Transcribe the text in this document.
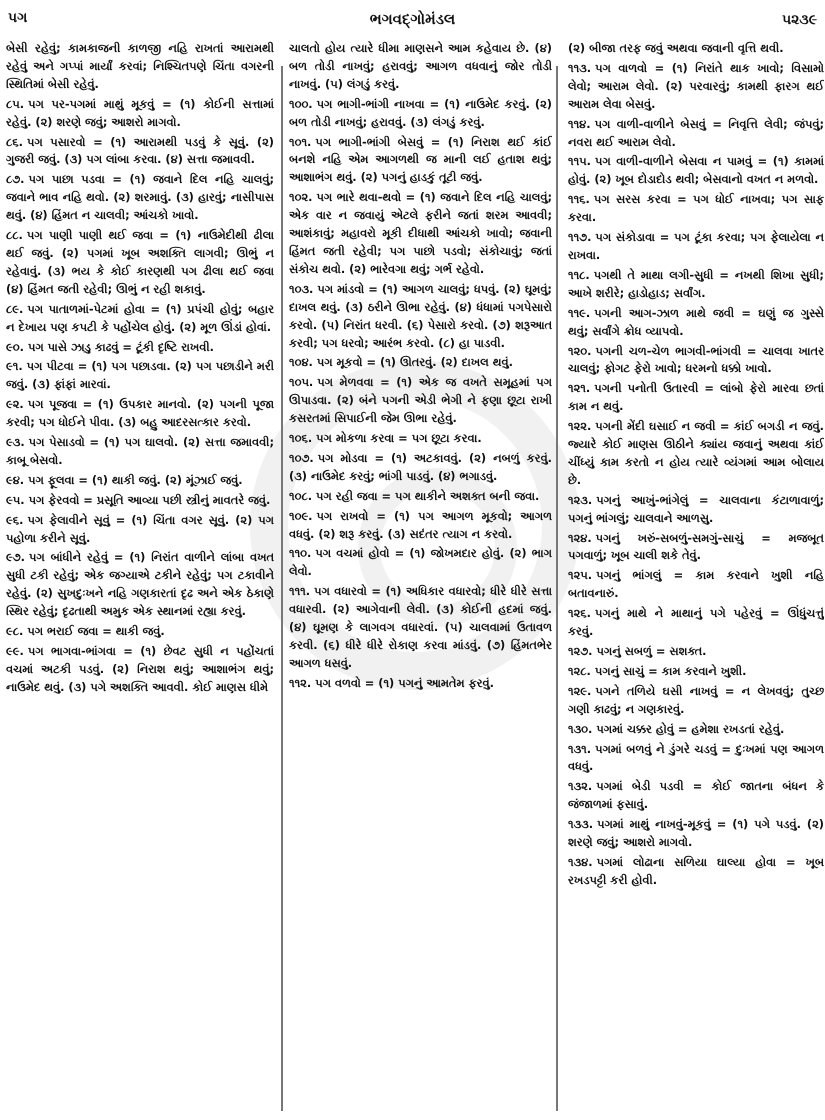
પગ	ભગવદ્ગોમંડલ	૫૨૩૯

બેસી રહેવું; કામકાજની કાળજી નહિ રાખતાં આરામથી રહેવું અને ગપ્પાં માર્યાં કરવાં; નિશ્ચિતપણે ચિંતા વગરની સ્થિતિમાં બેસી રહેવું.

૮૫. પગ પર-પગમાં માથું મૂકવું = (૧) કોઈની સત્તામાં રહેવું. (૨) શરણે જવું; આશરો માગવો.

૮૬. પગ પસારવો = (૧) આરામથી પડવું કે સૂવું. (૨) ગુજરી જવું. (૩) પગ લાંબા કરવા. (૪) સત્તા જમાવવી.

૮૭. પગ પાછા પડવા = (૧) જવાને દિલ નહિ ચાલવું; જવાને ભાવ નહિ થવો. (૨) શરમાવું. (૩) હારવું; નાસીપાસ થવું. (૪) હિંમત ન ચાલવી; આંચકો ખાવો.

૮૮. પગ પાણી પાણી થઈ જવા = (૧) નાઉમેદીથી ઢીલા થઈ જવું. (૨) પગમાં ખૂબ અશક્તિ લાગવી; ઊભું ન રહેવાવું. (૩) ભય કે કોઈ કારણથી પગ ઢીલા થઈ જવા (૪) હિંમત જતી રહેવી; ઊભું ન રહી શકાવું.

૮૯. પગ પાતાળમાં-પેટમાં હોવા = (૧) પ્રપંચી હોવું; બહાર ન દેખાય પણ કપટી કે પહોંચેલ હોવું. (૨) મૂળ ઊંડાં હોવાં.

૯૦. પગ પાસે ઝાડુ કાઢવું = ટૂંકી દૃષ્ટિ રાખવી.

૯૧. પગ પીટવા = (૧) પગ પછાડવા. (૨) પગ પછાડીને મરી જવું. (૩) ફાંફાં મારવાં.

૯૨. પગ પૂજવા = (૧) ઉપકાર માનવો. (૨) પગની પૂજા કરવી; પગ ધોઈને પીવા. (૩) બહુ આદરસત્કાર કરવો.

૯૩. પગ પેસાડવો = (૧) પગ ઘાલવો. (૨) સત્તા જમાવવી; કાબૂ બેસવો.

૯૪. પગ ફૂલવા = (૧) થાકી જવું. (૨) મૂંઝાઈ જવું.

૯૫. પગ ફેરવવો = પ્રસૂતિ આવ્યા પછી સ્ત્રીનું માવતરે જવું.

૯૬. પગ ફેલાવીને સૂવું = (૧) ચિંતા વગર સૂવું. (૨) પગ પહોળા કરીને સૂવું.

૯૭. પગ બાંધીને રહેવું = (૧) નિરાંત વાળીને લાંબા વખત સુધી ટકી રહેવું; એક જગ્યાએ ટકીને રહેવું; પગ ટકાવીને રહેવું. (૨) સુખદુઃખને નહિ ગણકારતાં દૃઢ અને એક ઠેકાણે સ્થિર રહેવું; દૃઢતાથી અમુક એક સ્થાનમાં રહ્યા કરવું.

૯૮. પગ ભરાઈ જવા = થાકી જવું.

૯૯. પગ ભાગવા-ભાંગવા = (૧) છેવટ સુધી ન પહોંચતાં વચમાં અટકી પડવું. (૨) નિરાશ થવું; આશાભંગ થવું; નાઉમેદ થવું. (૩) પગે અશક્તિ આવવી. કોઈ માણસ ધીમે

ચાલતો હોય ત્યારે ધીમા માણસને આમ કહેવાય છે. (૪) બળ તોડી નાખવું; હરાવવું; આગળ વધવાનું જોર તોડી નાખવું. (૫) લંગડું કરવું.

૧૦૦. પગ ભાગી-ભાંગી નાખવા = (૧) નાઉમેદ કરવું. (૨) બળ તોડી નાખવું; હરાવવું. (૩) લંગડું કરવું.

૧૦૧. પગ ભાગી-ભાંગી બેસવું = (૧) નિરાશ થઈ કાંઈ બનશે નહિ એમ આગળથી જ માની લઈ હતાશ થવું; આશાભંગ થવું. (૨) પગનું હાડકું તૂટી જવું.

૧૦૨. પગ ભારે થવા-થવો = (૧) જવાને દિલ નહિ ચાલવું; એક વાર ન જવાયું એટલે ફરીને જતાં શરમ આવવી; આશંકાવું; મહાવરો મૂકી દીધાથી આંચકો ખાવો; જવાની હિંમત જતી રહેવી; પગ પાછો પડવો; સંકોચાવું; જતાં સંકોચ થવો. (૨) ભારેવગા થવું; ગર્ભ રહેવો.

૧૦૩. પગ માંડવો = (૧) આગળ ચાલવું; ધપવું. (૨) ઘૂમવું; દાખલ થવું. (૩) ઠરીને ઊભા રહેવું. (૪) ધંધામાં પગપેસારો કરવો. (૫) નિરાંત ધરવી. (૬) પેસારો કરવો. (૭) શરૂઆત કરવી; પગ ધરવો; આરંભ કરવો. (૮) હા પાડવી.

૧૦૪. પગ મૂકવો = (૧) ઊતરવું. (૨) દાખલ થવું.

૧૦૫. પગ મેળવવા = (૧) એક જ વખતે સમૂહમાં પગ ઊપાડવા. (૨) બંને પગની એડી ભેગી ને ફણા છૂટા રાખી કસરતમાં સિપાઈની જેમ ઊભા રહેવું.

૧૦૬. પગ મોકળા કરવા = પગ છૂટા કરવા.

૧૦૭. પગ મોડવા = (૧) અટકાવવું. (૨) નબળું કરવું. (૩) નાઉમેદ કરવું; ભાંગી પાડવું. (૪) ભગાડવું.

૧૦૮. પગ રહી જવા = પગ થાકીને અશક્ત બની જવા.

૧૦૯. પગ રાખવો = (૧) પગ આગળ મૂકવો; આગળ વધવું. (૨) શરૂ કરવું. (૩) સદંતર ત્યાગ ન કરવો.

૧૧૦. પગ વચમાં હોવો = (૧) જોખમદાર હોવું. (૨) ભાગ લેવો.

૧૧૧. પગ વધારવો = (૧) અધિકાર વધારવો; ધીરે ધીરે સત્તા વધારવી. (૨) આગેવાની લેવી. (૩) કોઈની હદમાં જવું. (૪) ઘૂમણ કે લાગવગ વધારવાં. (૫) ચાલવામાં ઉતાવળ કરવી. (૬) ધીરે ધીરે રોકાણ કરવા માંડવું. (૭) હિંમતભેર આગળ ધસવું.

૧૧૨. પગ વળવો = (૧) પગનું આમતેમ ફરવું.

(૨) બીજા તરફ જવું અથવા જવાની વૃત્તિ થવી.

૧૧૩. પગ વાળવો = (૧) નિરાંતે થાક ખાવો; વિસામો લેવો; આરામ લેવો. (૨) પરવારવું; કામથી ફારગ થઈ આરામ લેવા બેસવું.

૧૧૪. પગ વાળી-વાળીને બેસવું = નિવૃત્તિ લેવી; જંપવું; નવરા થઈ આરામ લેવો.

૧૧૫. પગ વાળી-વાળીને બેસવા ન પામવું = (૧) કામમાં હોવું. (૨) ખૂબ દોડાદોડ થવી; બેસવાનો વખત ન મળવો.

૧૧૬. પગ સરસ કરવા = પગ ધોઈ નાખવા; પગ સાફ કરવા.

૧૧૭. પગ સંકોડાવા = પગ ટૂંકા કરવા; પગ ફેલાયેલા ન રાખવા.

૧૧૮. પગથી તે માથા લગી-સુધી = નખથી શિખા સુધી; આખે શરીરે; હાડોહાડ; સર્વાંગ.

૧૧૯. પગની આગ-ઝાળ માથે જવી = ઘણું જ ગુસ્સે થવું; સર્વાંગે ક્રોધ વ્યાપવો.

૧૨૦. પગની ચળ-ચેળ ભાગવી-ભાંગવી = ચાલવા ખાતર ચાલવું; ફોગટ ફેરો ખાવો; ધરમનો ધક્કો ખાવો.

૧૨૧. પગની પનોતી ઉતારવી = લાંબો ફેરો મારવા છતાં કામ ન થવું.

૧૨૨. પગની મેંદી ઘસાઈ ન જવી = કાંઈ બગડી ન જવું. જ્યારે કોઈ માણસ ઊઠીને ક્યાંય જવાનું અથવા કાંઈ ચીંધ્યું કામ કરતો ન હોય ત્યારે વ્યંગમાં આમ બોલાય છે.

૧૨૩. પગનું આખું-ભાંગેલું = ચાલવાના કંટાળાવાળું; પગનું ભાંગલું; ચાલવાને આળસુ.

૧૨૪. પગનું ખરું-સબળું-સમગું-સાચું = મજબૂત પગવાળું; ખૂબ ચાલી શકે તેવું.

૧૨૫. પગનું ભાંગલું = કામ કરવાને ખુશી નહિ બતાવનારું.

૧૨૬. પગનું માથે ને માથાનું પગે પહેરવું = ઊંધુંચત્તું કરવું.

૧૨૭. પગનું સબળું = સશક્ત.

૧૨૮. પગનું સાચું = કામ કરવાને ખુશી.

૧૨૯. પગને તળિયે ઘસી નાખવું = ન લેખવવું; તુચ્છ ગણી કાઢવું; ન ગણકારવું.

૧૩૦. પગમાં ચક્કર હોવું = હમેશા રખડતાં રહેવું.

૧૩૧. પગમાં બળવું ને ડુંગરે ચડવું = દુઃખમાં પણ આગળ વધવું.

૧૩૨. પગમાં બેડી પડવી = કોઈ જાતના બંધન કે જંજાળમાં ફસાવું.

૧૩૩. પગમાં માથું નાખવું-મૂકવું = (૧) પગે પડવું. (૨) શરણે જવું; આશરો માગવો.

૧૩૪. પગમાં લોઢાના સળિયા ઘાલ્યા હોવા = ખૂબ રખડપટ્ટી કરી હોવી.
